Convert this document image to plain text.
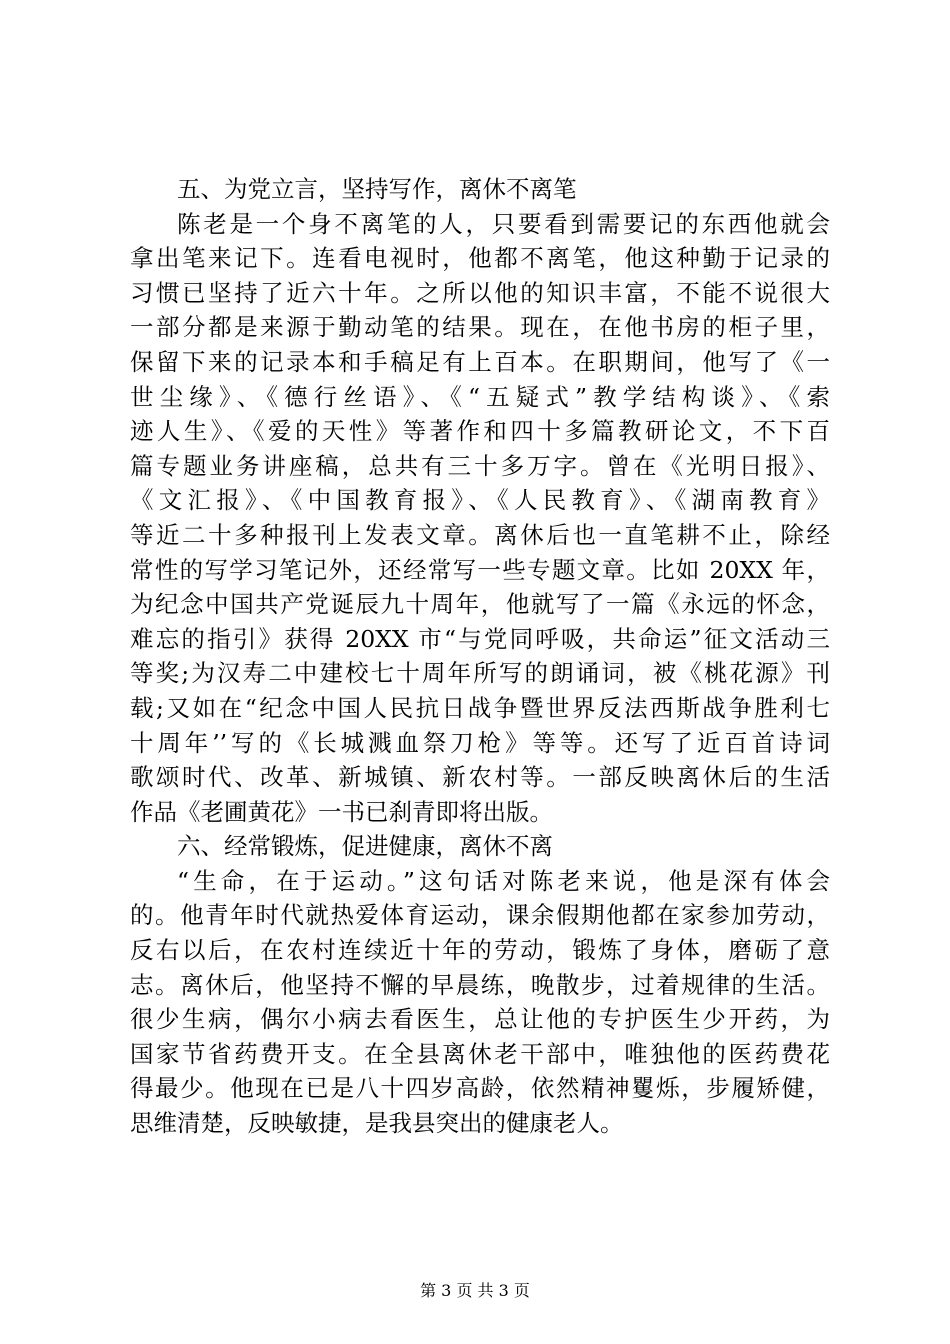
五、为党立言，坚持写作，离休不离笔
陈老是一个身不离笔的人，只要看到需要记的东西他就会
拿出笔来记下。连看电视时，他都不离笔，他这种勤于记录的
习惯已坚持了近六十年。之所以他的知识丰富，不能不说很大
一部分都是来源于勤动笔的结果。现在，在他书房的柜子里，
保留下来的记录本和手稿足有上百本。在职期间，他写了《一
世尘缘》、《德行丝语》、《“五疑式”教学结构谈》、《索
迹人生》、《爱的天性》等著作和四十多篇教研论文，不下百
篇专题业务讲座稿，总共有三十多万字。曾在《光明日报》、
《文汇报》、《中国教育报》、《人民教育》、《湖南教育》
等近二十多种报刊上发表文章。离休后也一直笔耕不止，除经
常性的写学习笔记外，还经常写一些专题文章。比如 20XX 年，
为纪念中国共产党诞辰九十周年，他就写了一篇《永远的怀念，
难忘的指引》获得 20XX 市“与党同呼吸，共命运”征文活动三
等奖;为汉寿二中建校七十周年所写的朗诵词，被《桃花源》刊
载;又如在“纪念中国人民抗日战争暨世界反法西斯战争胜利七
十周年’’写的《长城溅血祭刀枪》等等。还写了近百首诗词
歌颂时代、改革、新城镇、新农村等。一部反映离休后的生活
作品《老圃黄花》一书已刹青即将出版。
六、经常锻炼，促进健康，离休不离
“生命，在于运动。”这句话对陈老来说，他是深有体会
的。他青年时代就热爱体育运动，课余假期他都在家参加劳动，
反右以后，在农村连续近十年的劳动，锻炼了身体，磨砺了意
志。离休后，他坚持不懈的早晨练，晚散步，过着规律的生活。
很少生病，偶尔小病去看医生，总让他的专护医生少开药，为
国家节省药费开支。在全县离休老干部中，唯独他的医药费花
得最少。他现在已是八十四岁高龄，依然精神矍烁，步履矫健，
思维清楚，反映敏捷，是我县突出的健康老人。
第 3 页 共 3 页
